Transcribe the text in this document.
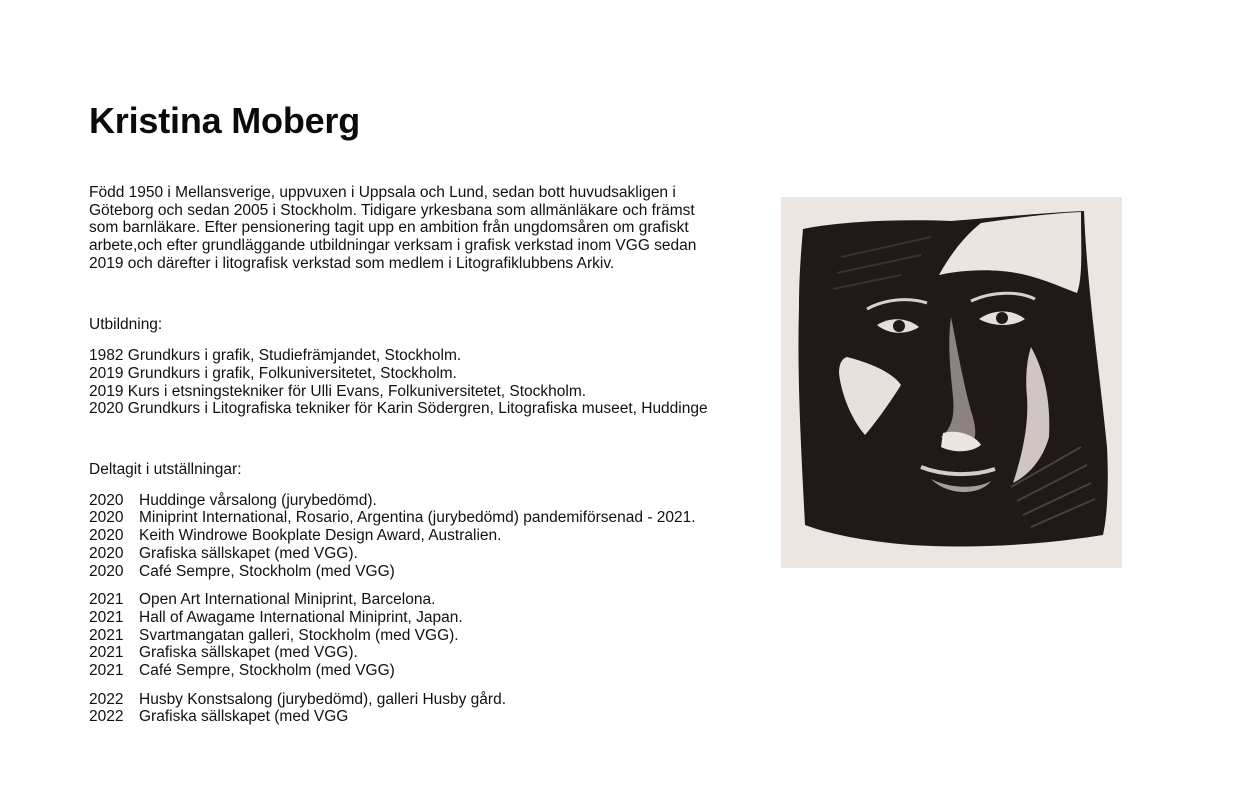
Kristina Moberg

Född 1950 i Mellansverige, uppvuxen i Uppsala och Lund, sedan bott huvudsakligen i
Göteborg och sedan 2005 i Stockholm. Tidigare yrkesbana som allmänläkare och främst
som barnläkare. Efter pensionering tagit upp en ambition från ungdomsåren om grafiskt
arbete,och efter grundläggande utbildningar verksam i grafisk verkstad inom VGG sedan
2019 och därefter i litografisk verkstad som medlem i Litografiklubbens Arkiv.

Utbildning:

1982 Grundkurs i grafik, Studiefrämjandet, Stockholm.
2019 Grundkurs i grafik, Folkuniversitetet, Stockholm.
2019 Kurs i etsningstekniker för Ulli Evans, Folkuniversitetet, Stockholm.
2020 Grundkurs i Litografiska tekniker för Karin Södergren, Litografiska museet, Huddinge

Deltagit i utställningar:

2020	Huddinge vårsalong (jurybedömd).
2020	Miniprint International, Rosario, Argentina (jurybedömd) pandemiförsenad - 2021.
2020	Keith Windrowe Bookplate Design Award, Australien.
2020	Grafiska sällskapet (med VGG).
2020	Café Sempre, Stockholm (med VGG)
2021	Open Art International Miniprint, Barcelona.
2021	Hall of Awagame International Miniprint, Japan.
2021	Svartmangatan galleri, Stockholm (med VGG).
2021	Grafiska sällskapet (med VGG).
2021	Café Sempre, Stockholm (med VGG)
2022	Husby Konstsalong (jurybedömd), galleri Husby gård.
2022	Grafiska sällskapet (med VGG
